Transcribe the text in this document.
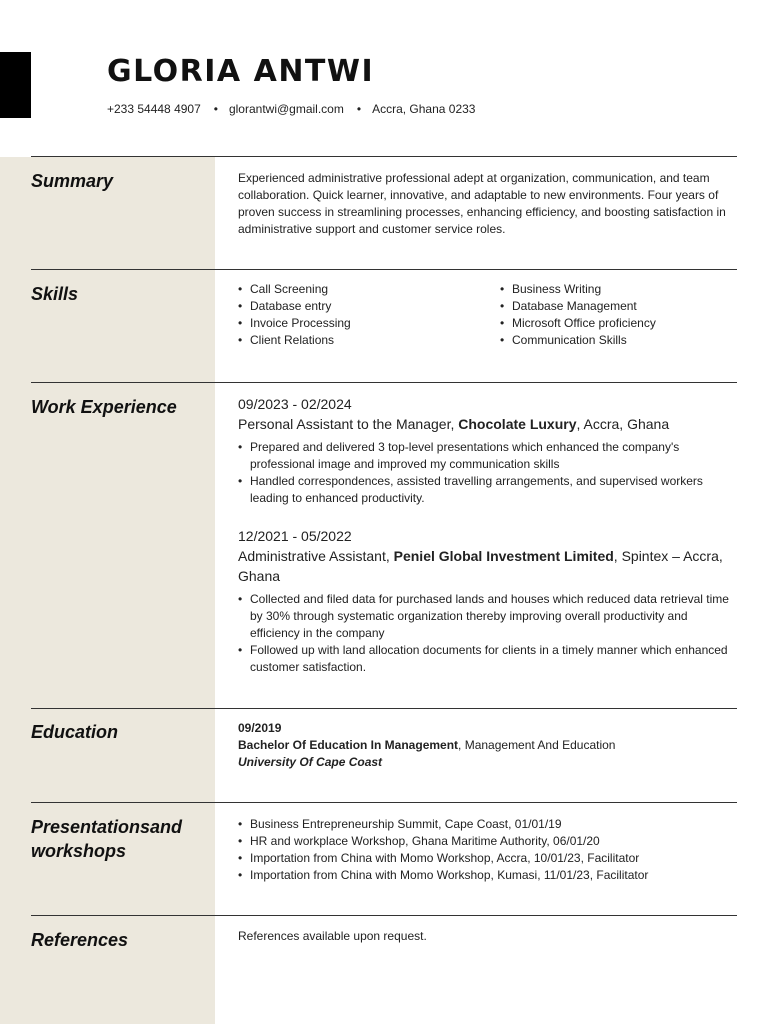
GLORIA ANTWI
+233 54448 4907 • glorantwi@gmail.com • Accra, Ghana 0233
Summary	Experienced administrative professional adept at organization, communication, and team collaboration. Quick learner, innovative, and adaptable to new environments. Four years of proven success in streamlining processes, enhancing efficiency, and boosting satisfaction in administrative support and customer service roles.
Skills
•	Call Screening
• Database entry
• Invoice Processing
• Client Relations
• Business Writing
• Database Management
• Microsoft Office proficiency
• Communication Skills
Work Experience	09/2023 - 02/2024
Personal Assistant to the Manager, Chocolate Luxury, Accra, Ghana
• Prepared and delivered 3 top-level presentations which enhanced the company's professional image and improved my communication skills
• Handled correspondences, assisted travelling arrangements, and supervised workers leading to enhanced productivity.
12/2021 - 05/2022
Administrative Assistant, Peniel Global Investment Limited, Spintex – Accra, Ghana
• Collected and filed data for purchased lands and houses which reduced data retrieval time by 30% through systematic organization thereby improving overall productivity and efficiency in the company
• Followed up with land allocation documents for clients in a timely manner which enhanced customer satisfaction.
Education	09/2019
Bachelor Of Education In Management, Management And Education
University Of Cape Coast
Presentationsand
workshops
• Business Entrepreneurship Summit, Cape Coast, 01/01/19
• HR and workplace Workshop, Ghana Maritime Authority, 06/01/20
• Importation from China with Momo Workshop, Accra, 10/01/23, Facilitator
• Importation from China with Momo Workshop, Kumasi, 11/01/23, Facilitator
References	References available upon request.
